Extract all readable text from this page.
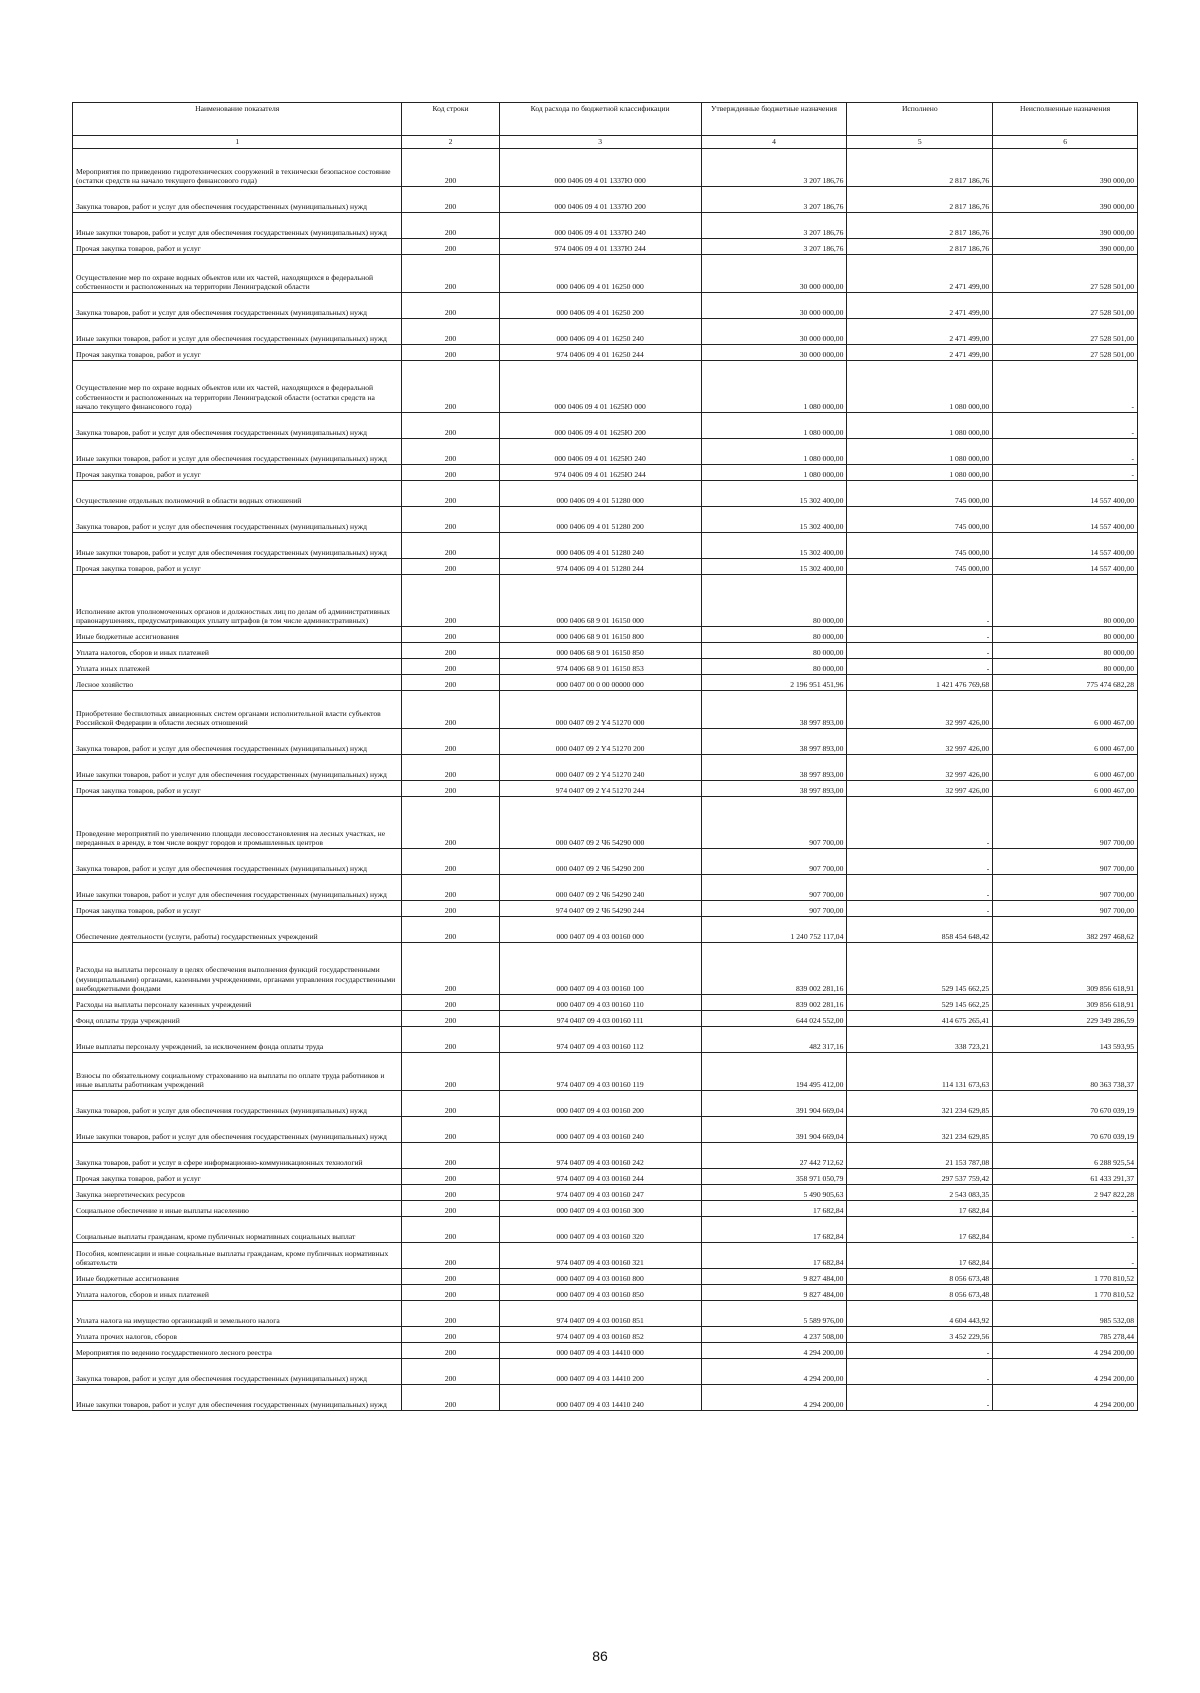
Наименование показателя	Код строки	Код расхода по бюджетной классификации	Утвержденные бюджетные назначения	Исполнено	Неисполненные назначения
1	2	3	4	5	6
Мероприятия по приведению гидротехнических сооружений в технически безопасное состояние (остатки средств на начало текущего финансового года)	200	000 0406 09 4 01 1337Ю 000	3 207 186,76	2 817 186,76	390 000,00
Закупка товаров, работ и услуг для обеспечения государственных (муниципальных) нужд	200	000 0406 09 4 01 1337Ю 200	3 207 186,76	2 817 186,76	390 000,00
Иные закупки товаров, работ и услуг для обеспечения государственных (муниципальных) нужд	200	000 0406 09 4 01 1337Ю 240	3 207 186,76	2 817 186,76	390 000,00
Прочая закупка товаров, работ и услуг	200	974 0406 09 4 01 1337Ю 244	3 207 186,76	2 817 186,76	390 000,00
Осуществление мер по охране водных объектов или их частей, находящихся в федеральной собственности и расположенных на территории Ленинградской области	200	000 0406 09 4 01 16250 000	30 000 000,00	2 471 499,00	27 528 501,00
Закупка товаров, работ и услуг для обеспечения государственных (муниципальных) нужд	200	000 0406 09 4 01 16250 200	30 000 000,00	2 471 499,00	27 528 501,00
Иные закупки товаров, работ и услуг для обеспечения государственных (муниципальных) нужд	200	000 0406 09 4 01 16250 240	30 000 000,00	2 471 499,00	27 528 501,00
Прочая закупка товаров, работ и услуг	200	974 0406 09 4 01 16250 244	30 000 000,00	2 471 499,00	27 528 501,00
Осуществление мер по охране водных объектов или их частей, находящихся в федеральной собственности и расположенных на территории Ленинградской области (остатки средств на начало текущего финансового года)	200	000 0406 09 4 01 1625Ю 000	1 080 000,00	1 080 000,00	-
Закупка товаров, работ и услуг для обеспечения государственных (муниципальных) нужд	200	000 0406 09 4 01 1625Ю 200	1 080 000,00	1 080 000,00	-
Иные закупки товаров, работ и услуг для обеспечения государственных (муниципальных) нужд	200	000 0406 09 4 01 1625Ю 240	1 080 000,00	1 080 000,00	-
Прочая закупка товаров, работ и услуг	200	974 0406 09 4 01 1625Ю 244	1 080 000,00	1 080 000,00	-
Осуществление отдельных полномочий в области водных отношений	200	000 0406 09 4 01 51280 000	15 302 400,00	745 000,00	14 557 400,00
Закупка товаров, работ и услуг для обеспечения государственных (муниципальных) нужд	200	000 0406 09 4 01 51280 200	15 302 400,00	745 000,00	14 557 400,00
Иные закупки товаров, работ и услуг для обеспечения государственных (муниципальных) нужд	200	000 0406 09 4 01 51280 240	15 302 400,00	745 000,00	14 557 400,00
Прочая закупка товаров, работ и услуг	200	974 0406 09 4 01 51280 244	15 302 400,00	745 000,00	14 557 400,00
Исполнение актов уполномоченных органов и должностных лиц по делам об административных правонарушениях, предусматривающих уплату штрафов (в том числе административных)	200	000 0406 68 9 01 16150 000	80 000,00	-	80 000,00
Иные бюджетные ассигнования	200	000 0406 68 9 01 16150 800	80 000,00	-	80 000,00
Уплата налогов, сборов и иных платежей	200	000 0406 68 9 01 16150 850	80 000,00	-	80 000,00
Уплата иных платежей	200	974 0406 68 9 01 16150 853	80 000,00	-	80 000,00
Лесное хозяйство	200	000 0407 00 0 00 00000 000	2 196 951 451,96	1 421 476 769,68	775 474 682,28
Приобретение беспилотных авиационных систем органами исполнительной власти субъектов Российской Федерации в области лесных отношений	200	000 0407 09 2 Y4 51270 000	38 997 893,00	32 997 426,00	6 000 467,00
Закупка товаров, работ и услуг для обеспечения государственных (муниципальных) нужд	200	000 0407 09 2 Y4 51270 200	38 997 893,00	32 997 426,00	6 000 467,00
Иные закупки товаров, работ и услуг для обеспечения государственных (муниципальных) нужд	200	000 0407 09 2 Y4 51270 240	38 997 893,00	32 997 426,00	6 000 467,00
Прочая закупка товаров, работ и услуг	200	974 0407 09 2 Y4 51270 244	38 997 893,00	32 997 426,00	6 000 467,00
Проведение мероприятий по увеличению площади лесовосстановления на лесных участках, не переданных в аренду, в том числе вокруг городов и промышленных центров	200	000 0407 09 2 Ч6 54290 000	907 700,00	-	907 700,00
Закупка товаров, работ и услуг для обеспечения государственных (муниципальных) нужд	200	000 0407 09 2 Ч6 54290 200	907 700,00	-	907 700,00
Иные закупки товаров, работ и услуг для обеспечения государственных (муниципальных) нужд	200	000 0407 09 2 Ч6 54290 240	907 700,00	-	907 700,00
Прочая закупка товаров, работ и услуг	200	974 0407 09 2 Ч6 54290 244	907 700,00	-	907 700,00
Обеспечение деятельности (услуги, работы) государственных учреждений	200	000 0407 09 4 03 00160 000	1 240 752 117,04	858 454 648,42	382 297 468,62
Расходы на выплаты персоналу в целях обеспечения выполнения функций государственными (муниципальными) органами, казенными учреждениями, органами управления государственными внебюджетными фондами	200	000 0407 09 4 03 00160 100	839 002 281,16	529 145 662,25	309 856 618,91
Расходы на выплаты персоналу казенных учреждений	200	000 0407 09 4 03 00160 110	839 002 281,16	529 145 662,25	309 856 618,91
Фонд оплаты труда учреждений	200	974 0407 09 4 03 00160 111	644 024 552,00	414 675 265,41	229 349 286,59
Иные выплаты персоналу учреждений, за исключением фонда оплаты труда	200	974 0407 09 4 03 00160 112	482 317,16	338 723,21	143 593,95
Взносы по обязательному социальному страхованию на выплаты по оплате труда работников и иные выплаты работникам учреждений	200	974 0407 09 4 03 00160 119	194 495 412,00	114 131 673,63	80 363 738,37
Закупка товаров, работ и услуг для обеспечения государственных (муниципальных) нужд	200	000 0407 09 4 03 00160 200	391 904 669,04	321 234 629,85	70 670 039,19
Иные закупки товаров, работ и услуг для обеспечения государственных (муниципальных) нужд	200	000 0407 09 4 03 00160 240	391 904 669,04	321 234 629,85	70 670 039,19
Закупка товаров, работ и услуг в сфере информационно-коммуникационных технологий	200	974 0407 09 4 03 00160 242	27 442 712,62	21 153 787,08	6 288 925,54
Прочая закупка товаров, работ и услуг	200	974 0407 09 4 03 00160 244	358 971 050,79	297 537 759,42	61 433 291,37
Закупка энергетических ресурсов	200	974 0407 09 4 03 00160 247	5 490 905,63	2 543 083,35	2 947 822,28
Социальное обеспечение и иные выплаты населению	200	000 0407 09 4 03 00160 300	17 682,84	17 682,84	-
Социальные выплаты гражданам, кроме публичных нормативных социальных выплат	200	000 0407 09 4 03 00160 320	17 682,84	17 682,84	-
Пособия, компенсации и иные социальные выплаты гражданам, кроме публичных нормативных обязательств	200	974 0407 09 4 03 00160 321	17 682,84	17 682,84	-
Иные бюджетные ассигнования	200	000 0407 09 4 03 00160 800	9 827 484,00	8 056 673,48	1 770 810,52
Уплата налогов, сборов и иных платежей	200	000 0407 09 4 03 00160 850	9 827 484,00	8 056 673,48	1 770 810,52
Уплата налога на имущество организаций и земельного налога	200	974 0407 09 4 03 00160 851	5 589 976,00	4 604 443,92	985 532,08
Уплата прочих налогов, сборов	200	974 0407 09 4 03 00160 852	4 237 508,00	3 452 229,56	785 278,44
Мероприятия по ведению государственного лесного реестра	200	000 0407 09 4 03 14410 000	4 294 200,00	-	4 294 200,00
Закупка товаров, работ и услуг для обеспечения государственных (муниципальных) нужд	200	000 0407 09 4 03 14410 200	4 294 200,00	-	4 294 200,00
Иные закупки товаров, работ и услуг для обеспечения государственных (муниципальных) нужд	200	000 0407 09 4 03 14410 240	4 294 200,00	-	4 294 200,00
86
